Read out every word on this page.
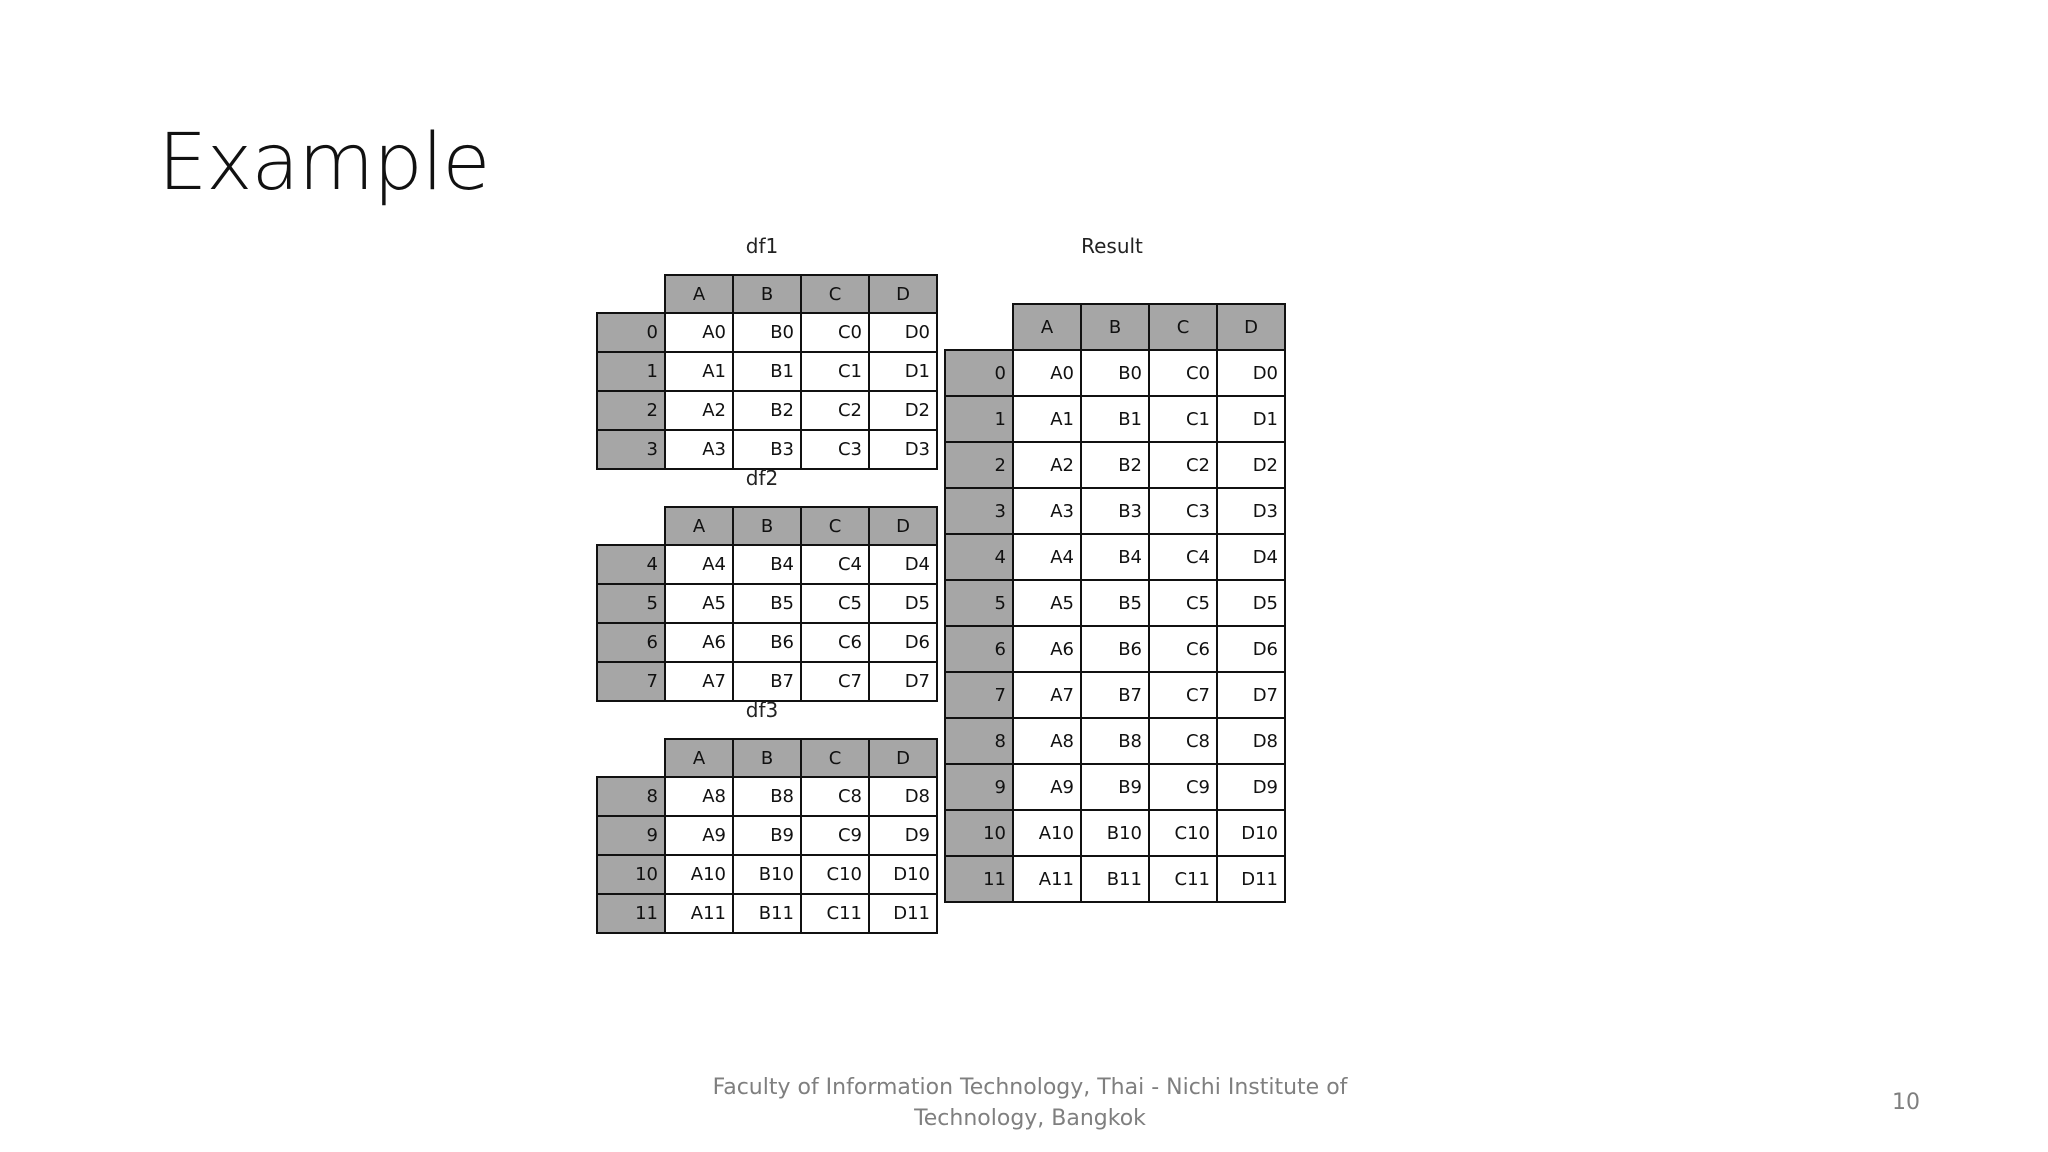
Example
df1
A	B	C	D
0	A0	B0	C0	D0
1	A1	B1	C1	D1
2	A2	B2	C2	D2
3	A3	B3	C3	D3
df2
A	B	C	D
4	A4	B4	C4	D4
5	A5	B5	C5	D5
6	A6	B6	C6	D6
7	A7	B7	C7	D7
df3
A	B	C	D
8	A8	B8	C8	D8
9	A9	B9	C9	D9
10	A10	B10	C10	D10
11	A11	B11	C11	D11
Result
A	B	C	D
0	A0	B0	C0	D0
1	A1	B1	C1	D1
2	A2	B2	C2	D2
3	A3	B3	C3	D3
4	A4	B4	C4	D4
5	A5	B5	C5	D5
6	A6	B6	C6	D6
7	A7	B7	C7	D7
8	A8	B8	C8	D8
9	A9	B9	C9	D9
10	A10	B10	C10	D10
11	A11	B11	C11	D11
Faculty of Information Technology, Thai - Nichi Institute of Technology, Bangkok
10
